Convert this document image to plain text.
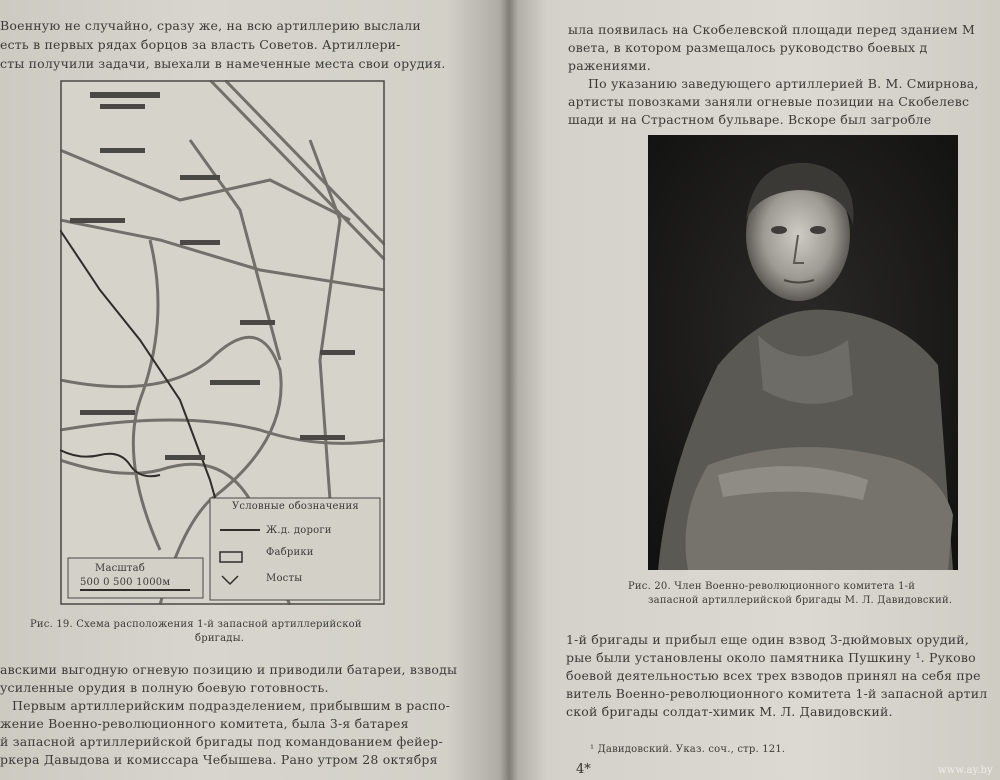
Военную не случайно, сразу же, на всю артиллерию выслали
есть в первых рядах борцов за власть Советов. Артиллери-
сты получили задачи, выехали в намеченные места свои орудия.
Условные обозначения
Ж.д. дороги
Фабрики
Мосты
Масштаб
500 0 500 1000м
Рис. 19. Схема расположения 1-й запасной артиллерийской
бригады.
авскими выгодную огневую позицию и приводили батареи, взводы
усиленные орудия в полную боевую готовность.
Первым артиллерийским подразделением, прибывшим в распо-
жение Военно-революционного комитета, была 3-я батарея
й запасной артиллерийской бригады под командованием фейер-
ркера Давыдова и комиссара Чебышева. Рано утром 28 октября
ыла появилась на Скобелевской площади перед зданием М
овета, в котором размещалось руководство боевых д
ражениями.
По указанию заведующего артиллерией В. М. Смирнова,
артисты повозками заняли огневые позиции на Скобелевс
шади и на Страстном бульваре. Вскоре был загробле
Рис. 20. Член Военно-революционного комитета 1-й
запасной артиллерийской бригады М. Л. Давидовский.
1-й бригады и прибыл еще один взвод 3-дюймовых орудий,
рые были установлены около памятника Пушкину ¹. Руково
боевой деятельностью всех трех взводов принял на себя пре
витель Военно-революционного комитета 1-й запасной артил
ской бригады солдат-химик М. Л. Давидовский.
¹ Давидовский. Указ. соч., стр. 121.
4*	www.ay.by
